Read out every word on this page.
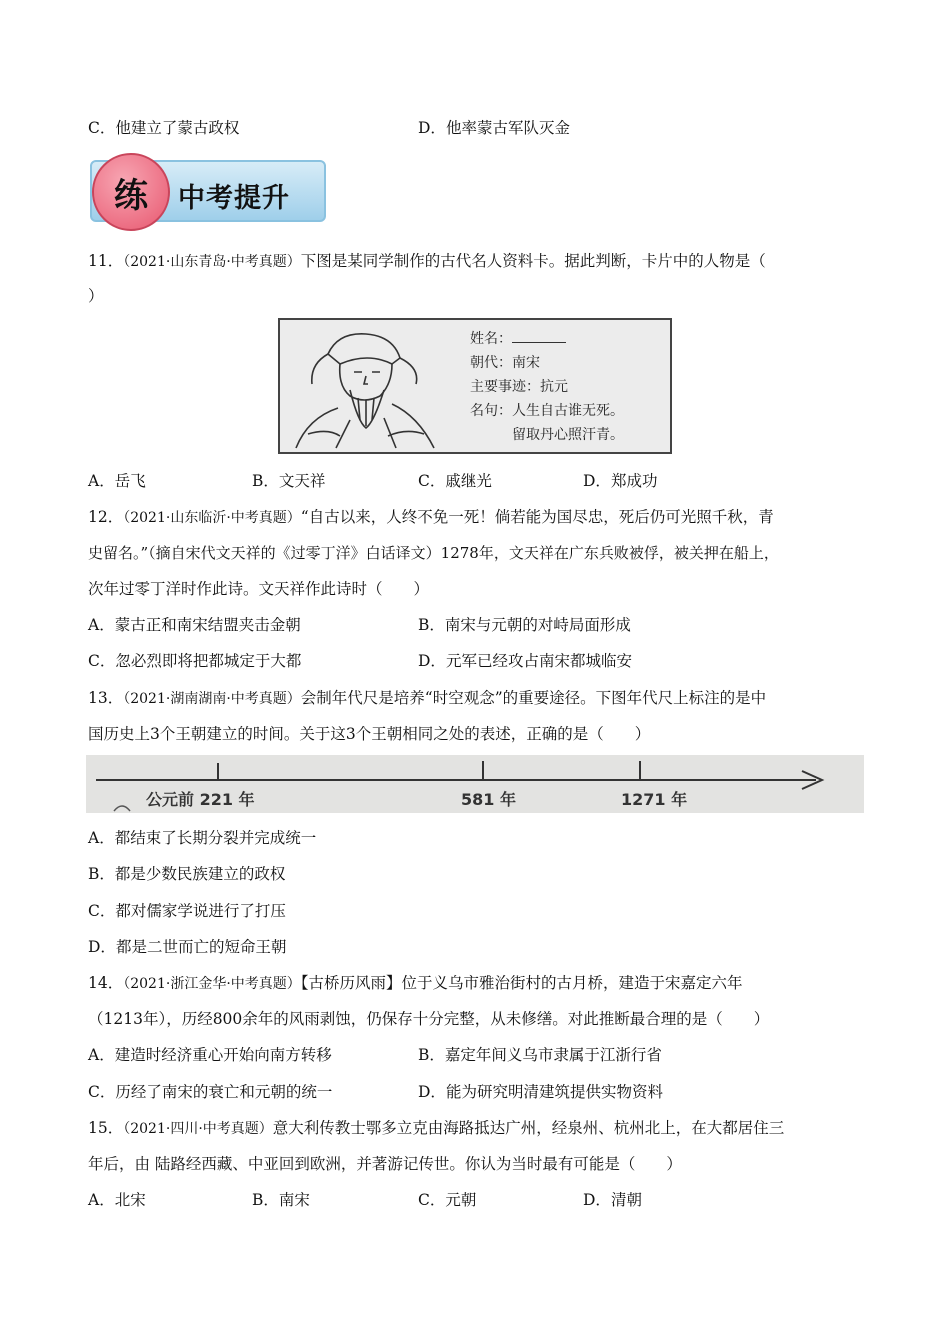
C．他建立了蒙古政权	D．他率蒙古军队灭金
练 中考提升
11．（2021·山东青岛·中考真题）下图是某同学制作的古代名人资料卡。据此判断，卡片中的人物是（
）
姓名：
朝代：南宋
主要事迹：抗元
名句：人生自古谁无死。
留取丹心照汗青。
A．岳飞	B．文天祥	C．戚继光	D．郑成功
12．（2021·山东临沂·中考真题）“自古以来，人终不免一死！倘若能为国尽忠，死后仍可光照千秋，青
史留名。”（摘自宋代文天祥的《过零丁洋》白话译文）1278年，文天祥在广东兵败被俘，被关押在船上，
次年过零丁洋时作此诗。文天祥作此诗时（　　）
A．蒙古正和南宋结盟夹击金朝	B．南宋与元朝的对峙局面形成
C．忽必烈即将把都城定于大都	D．元军已经攻占南宋都城临安
13．（2021·湖南湖南·中考真题）会制年代尺是培养“时空观念”的重要途径。下图年代尺上标注的是中
国历史上3个王朝建立的时间。关于这3个王朝相同之处的表述，正确的是（　　）
公元前 221 年	581 年	1271 年
A．都结束了长期分裂并完成统一
B．都是少数民族建立的政权
C．都对儒家学说进行了打压
D．都是二世而亡的短命王朝
14．（2021·浙江金华·中考真题）【古桥历风雨】位于义乌市雅治街村的古月桥，建造于宋嘉定六年
（1213年），历经800余年的风雨剥蚀，仍保存十分完整，从未修缮。对此推断最合理的是（　　）
A．建造时经济重心开始向南方转移	B．嘉定年间义乌市隶属于江浙行省
C．历经了南宋的衰亡和元朝的统一	D．能为研究明清建筑提供实物资料
15．（2021·四川·中考真题）意大利传教士鄂多立克由海路抵达广州，经泉州、杭州北上，在大都居住三
年后，由 陆路经西藏、中亚回到欧洲，并著游记传世。你认为当时最有可能是（　　）
A．北宋	B．南宋	C．元朝	D．清朝
